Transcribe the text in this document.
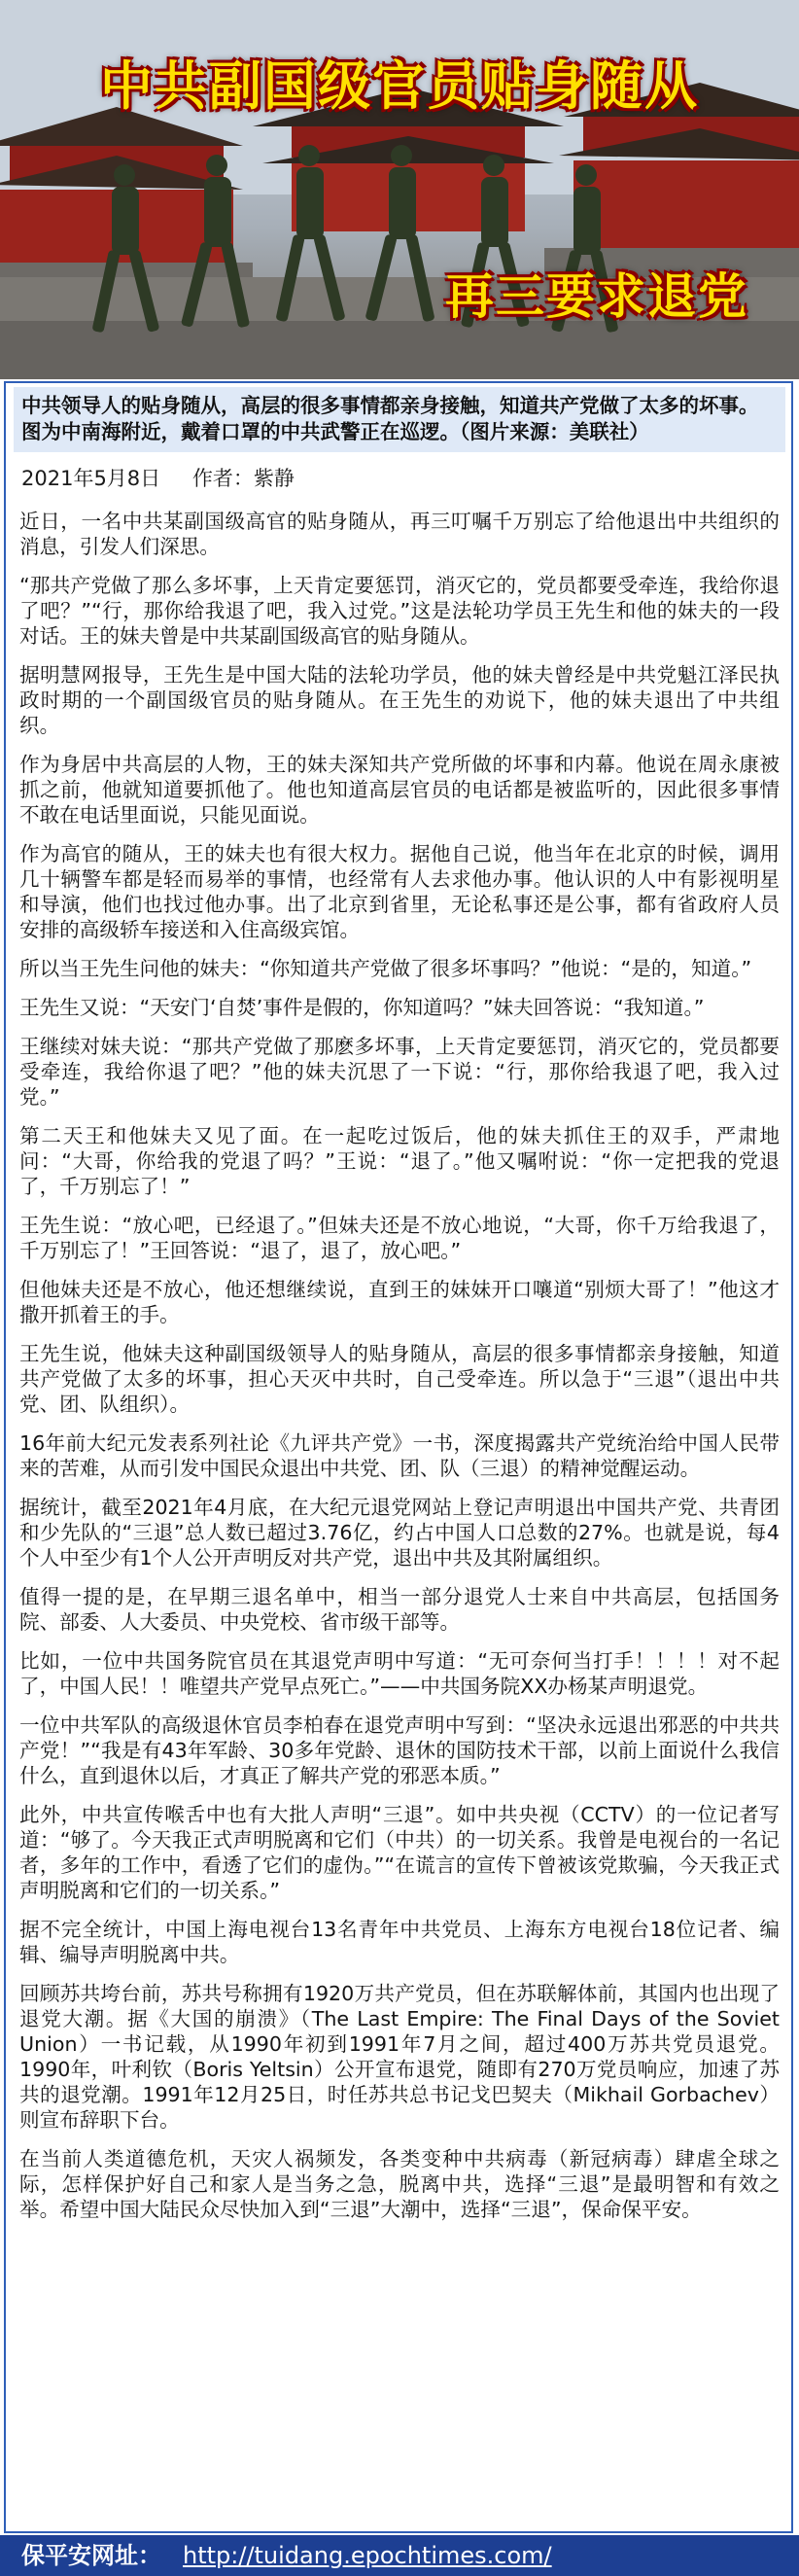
中共副国级官员贴身随从
再三要求退党
中共领导人的贴身随从，高层的很多事情都亲身接触，知道共产党做了太多的坏事。图为中南海附近，戴着口罩的中共武警正在巡逻。（图片来源：美联社）
2021年5月8日 作者：紫静

近日，一名中共某副国级高官的贴身随从，再三叮嘱千万别忘了给他退出中共组织的消息，引发人们深思。

“那共产党做了那么多坏事，上天肯定要惩罚，消灭它的，党员都要受牵连，我给你退了吧？”“行，那你给我退了吧，我入过党。”这是法轮功学员王先生和他的妹夫的一段对话。王的妹夫曾是中共某副国级高官的贴身随从。

据明慧网报导，王先生是中国大陆的法轮功学员，他的妹夫曾经是中共党魁江泽民执政时期的一个副国级官员的贴身随从。在王先生的劝说下，他的妹夫退出了中共组织。

作为身居中共高层的人物，王的妹夫深知共产党所做的坏事和内幕。他说在周永康被抓之前，他就知道要抓他了。他也知道高层官员的电话都是被监听的，因此很多事情不敢在电话里面说，只能见面说。

作为高官的随从，王的妹夫也有很大权力。据他自己说，他当年在北京的时候，调用几十辆警车都是轻而易举的事情，也经常有人去求他办事。他认识的人中有影视明星和导演，他们也找过他办事。出了北京到省里，无论私事还是公事，都有省政府人员安排的高级轿车接送和入住高级宾馆。

所以当王先生问他的妹夫：“你知道共产党做了很多坏事吗？”他说：“是的，知道。”

王先生又说：“天安门‘自焚’事件是假的，你知道吗？”妹夫回答说：“我知道。”

王继续对妹夫说：“那共产党做了那麽多坏事，上天肯定要惩罚，消灭它的，党员都要受牵连，我给你退了吧？”他的妹夫沉思了一下说：“行，那你给我退了吧，我入过党。”

第二天王和他妹夫又见了面。在一起吃过饭后，他的妹夫抓住王的双手，严肃地问：“大哥，你给我的党退了吗？”王说：“退了。”他又嘱咐说：“你一定把我的党退了，千万别忘了！”

王先生说：“放心吧，已经退了。”但妹夫还是不放心地说，“大哥，你千万给我退了，千万别忘了！”王回答说：“退了，退了，放心吧。”

但他妹夫还是不放心，他还想继续说，直到王的妹妹开口嚷道“别烦大哥了！”他这才撒开抓着王的手。

王先生说，他妹夫这种副国级领导人的贴身随从，高层的很多事情都亲身接触，知道共产党做了太多的坏事，担心天灭中共时，自己受牵连。所以急于“三退”（退出中共党、团、队组织）。

16年前大纪元发表系列社论《九评共产党》一书，深度揭露共产党统治给中国人民带来的苦难，从而引发中国民众退出中共党、团、队（三退）的精神觉醒运动。

据统计，截至2021年4月底，在大纪元退党网站上登记声明退出中国共产党、共青团和少先队的“三退”总人数已超过3.76亿，约占中国人口总数的27%。也就是说，每4个人中至少有1个人公开声明反对共产党，退出中共及其附属组织。

值得一提的是，在早期三退名单中，相当一部分退党人士来自中共高层，包括国务院、部委、人大委员、中央党校、省市级干部等。

比如，一位中共国务院官员在其退党声明中写道：“无可奈何当打手！！！！对不起了，中国人民！！唯望共产党早点死亡。”——中共国务院XX办杨某声明退党。

一位中共军队的高级退休官员李柏春在退党声明中写到：“坚决永远退出邪恶的中共共产党！”“我是有43年军龄、30多年党龄、退休的国防技术干部，以前上面说什么我信什么，直到退休以后，才真正了解共产党的邪恶本质。”

此外，中共宣传喉舌中也有大批人声明“三退”。如中共央视（CCTV）的一位记者写道：“够了。今天我正式声明脱离和它们（中共）的一切关系。我曾是电视台的一名记者，多年的工作中，看透了它们的虚伪。”“在谎言的宣传下曾被该党欺骗，今天我正式声明脱离和它们的一切关系。”

据不完全统计，中国上海电视台13名青年中共党员、上海东方电视台18位记者、编辑、编导声明脱离中共。

回顾苏共垮台前，苏共号称拥有1920万共产党员，但在苏联解体前，其国内也出现了退党大潮。据《大国的崩溃》（The Last Empire: The Final Days of the Soviet Union）一书记载，从1990年初到1991年7月之间，超过400万苏共党员退党。1990年，叶利钦（Boris Yeltsin）公开宣布退党，随即有270万党员响应，加速了苏共的退党潮。1991年12月25日，时任苏共总书记戈巴契夫（Mikhail Gorbachev）则宣布辞职下台。

在当前人类道德危机，天灾人祸频发，各类变种中共病毒（新冠病毒）肆虐全球之际，怎样保护好自己和家人是当务之急，脱离中共，选择“三退”是最明智和有效之举。希望中国大陆民众尽快加入到“三退”大潮中，选择“三退”，保命保平安。

保平安网址： http://tuidang.epochtimes.com/
